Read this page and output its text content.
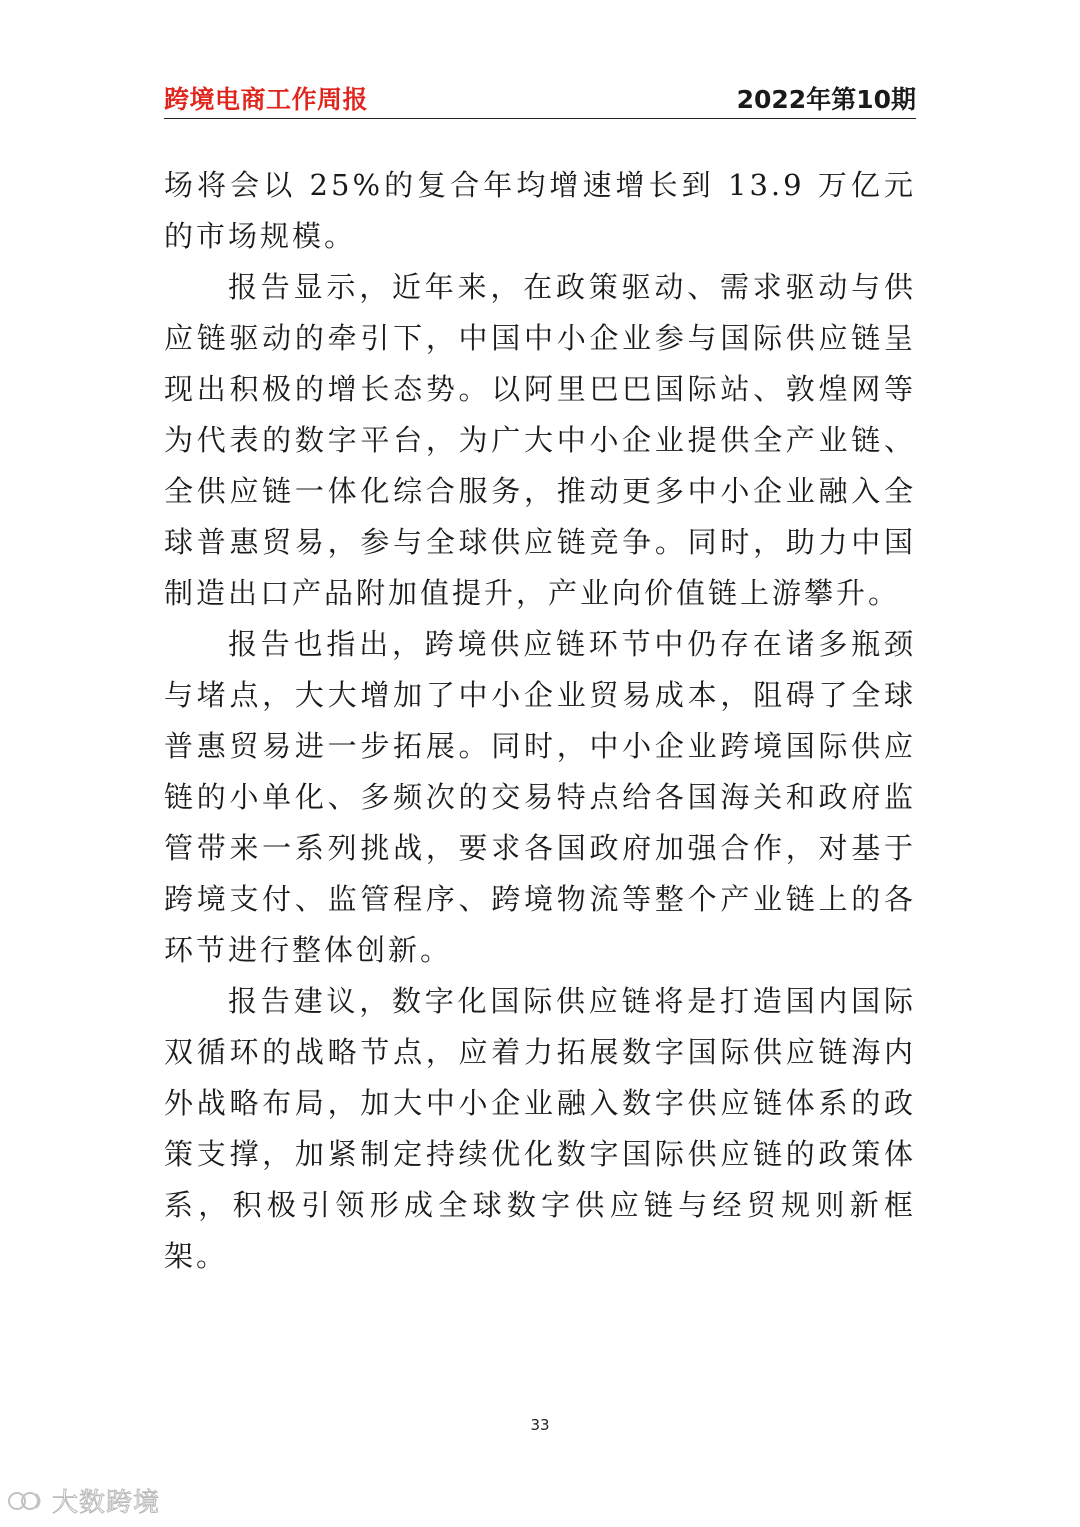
跨境电商工作周报	2022年第10期

场将会以 25%的复合年均增速增长到 13.9 万亿元的市场规模。

报告显示，近年来，在政策驱动、需求驱动与供应链驱动的牵引下，中国中小企业参与国际供应链呈现出积极的增长态势。以阿里巴巴国际站、敦煌网等为代表的数字平台，为广大中小企业提供全产业链、全供应链一体化综合服务，推动更多中小企业融入全球普惠贸易，参与全球供应链竞争。同时，助力中国制造出口产品附加值提升，产业向价值链上游攀升。

报告也指出，跨境供应链环节中仍存在诸多瓶颈与堵点，大大增加了中小企业贸易成本，阻碍了全球普惠贸易进一步拓展。同时，中小企业跨境国际供应链的小单化、多频次的交易特点给各国海关和政府监管带来一系列挑战，要求各国政府加强合作，对基于跨境支付、监管程序、跨境物流等整个产业链上的各环节进行整体创新。

报告建议，数字化国际供应链将是打造国内国际双循环的战略节点，应着力拓展数字国际供应链海内外战略布局，加大中小企业融入数字供应链体系的政策支撑，加紧制定持续优化数字国际供应链的政策体系，积极引领形成全球数字供应链与经贸规则新框架。

33
大数跨境
